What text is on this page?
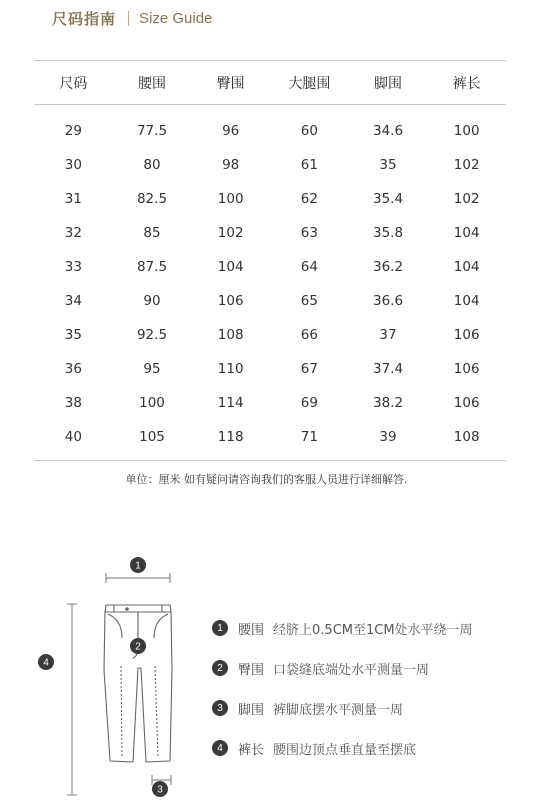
尺码指南 Size Guide
尺码	腰围	臀围	大腿围	脚围	裤长
29	77.5	96	60	34.6	100
30	80	98	61	35	102
31	82.5	100	62	35.4	102
32	85	102	63	35.8	104
33	87.5	104	64	36.2	104
34	90	106	65	36.6	104
35	92.5	108	66	37	106
36	95	110	67	37.4	106
38	100	114	69	38.2	106
40	105	118	71	39	108
单位：厘米 如有疑问请咨询我们的客服人员进行详细解答.
1
2
3
4
1	腰围 经脐上0.5CM至1CM处水平绕一周
2	臀围 口袋缝底端处水平测量一周
3	脚围 裤脚底摆水平测量一周
4	裤长 腰围边顶点垂直量至摆底
